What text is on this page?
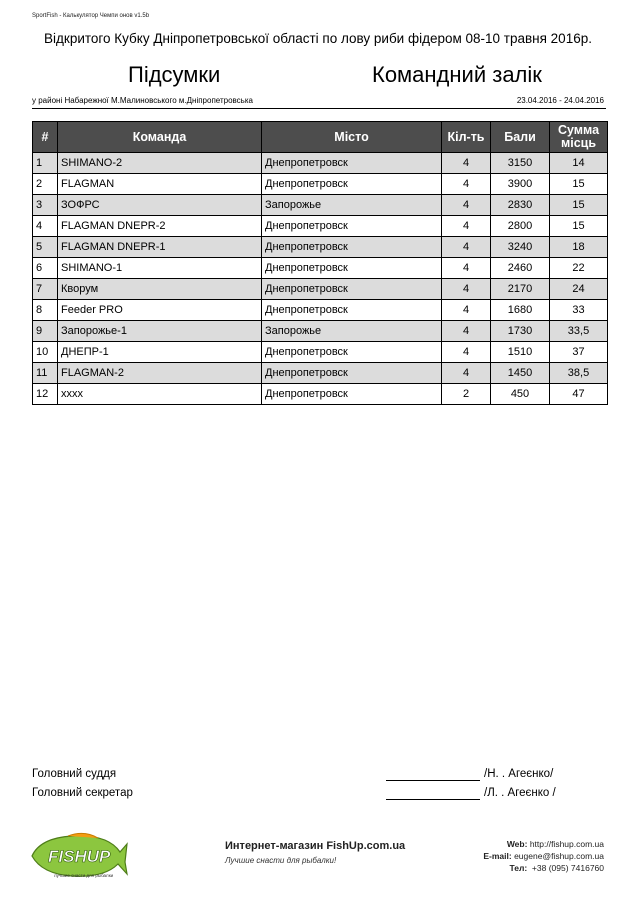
SportFish - Калькулятор Чемпи онов v1.5b
Відкритого Кубку Дніпропетровської області по лову риби фідером 08-10 травня 2016р.
Підсумки	Командний залік
у районі Набарежної М.Малиновського м.Дніпропетровська	23.04.2016 - 24.04.2016
#	Команда	Місто	Кіл-ть	Бали	Сумма
місць
1	SHIMANO-2	Днепропетровск	4	3150	14
2	FLAGMAN	Днепропетровск	4	3900	15
3	ЗОФРС	Запорожье	4	2830	15
4	FLAGMAN DNEPR-2	Днепропетровск	4	2800	15
5	FLAGMAN DNEPR-1	Днепропетровск	4	3240	18
6	SHIMANO-1	Днепропетровск	4	2460	22
7	Кворум	Днепропетровск	4	2170	24
8	Feeder PRO	Днепропетровск	4	1680	33
9	Запорожье-1	Запорожье	4	1730	33,5
10	ДНЕПР-1	Днепропетровск	4	1510	37
11	FLAGMAN-2	Днепропетровск	4	1450	38,5
12	хххх	Днепропетровск	2	450	47
Головний суддя	/Н. . Агеєнко/
Головний секретар	/Л. . Агеєнко /
FISHUP
лучшие снасти для рыбалки
Интернет-магазин FishUp.com.ua
Лучшие снасти для рыбалки!
Web: http://fishup.com.ua
E-mail: eugene@fishup.com.ua
Тел: +38 (095) 7416760
